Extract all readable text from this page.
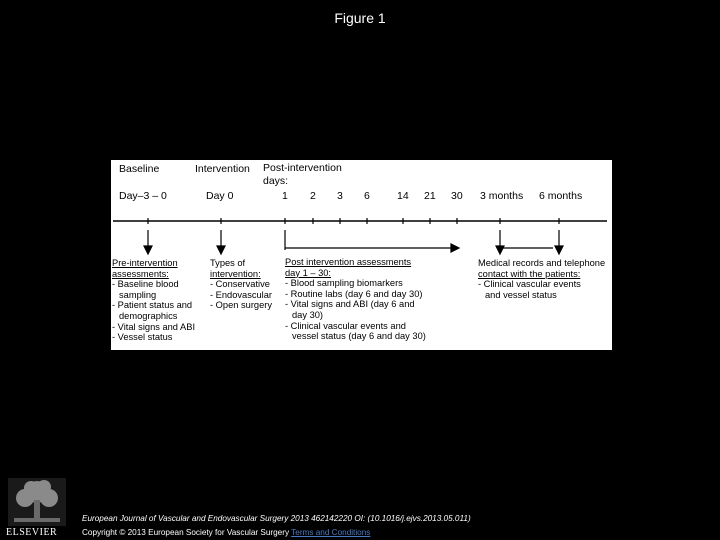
Figure 1
Baseline	Intervention Post-intervention
days:
Day–3 – 0	Day 0	1 2 3 6	14 21 30 3 months 6 months
Pre-intervention
assessments:
- Baseline blood
sampling
- Patient status and
demographics
- Vital signs and ABI
- Vessel status
Types of
intervention:
- Conservative
- Endovascular
- Open surgery
Post intervention assessments
day 1 – 30:
- Blood sampling biomarkers
- Routine labs (day 6 and day 30)
- Vital signs and ABI (day 6 and
day 30)
- Clinical vascular events and
vessel status (day 6 and day 30)
Medical records and telephone
contact with the patients:
- Clinical vascular events
and vessel status
ELSEVIER
European Journal of Vascular and Endovascular Surgery 2013 462142220 OI: (10.1016/j.ejvs.2013.05.011)
Copyright © 2013 European Society for Vascular Surgery Terms and Conditions
